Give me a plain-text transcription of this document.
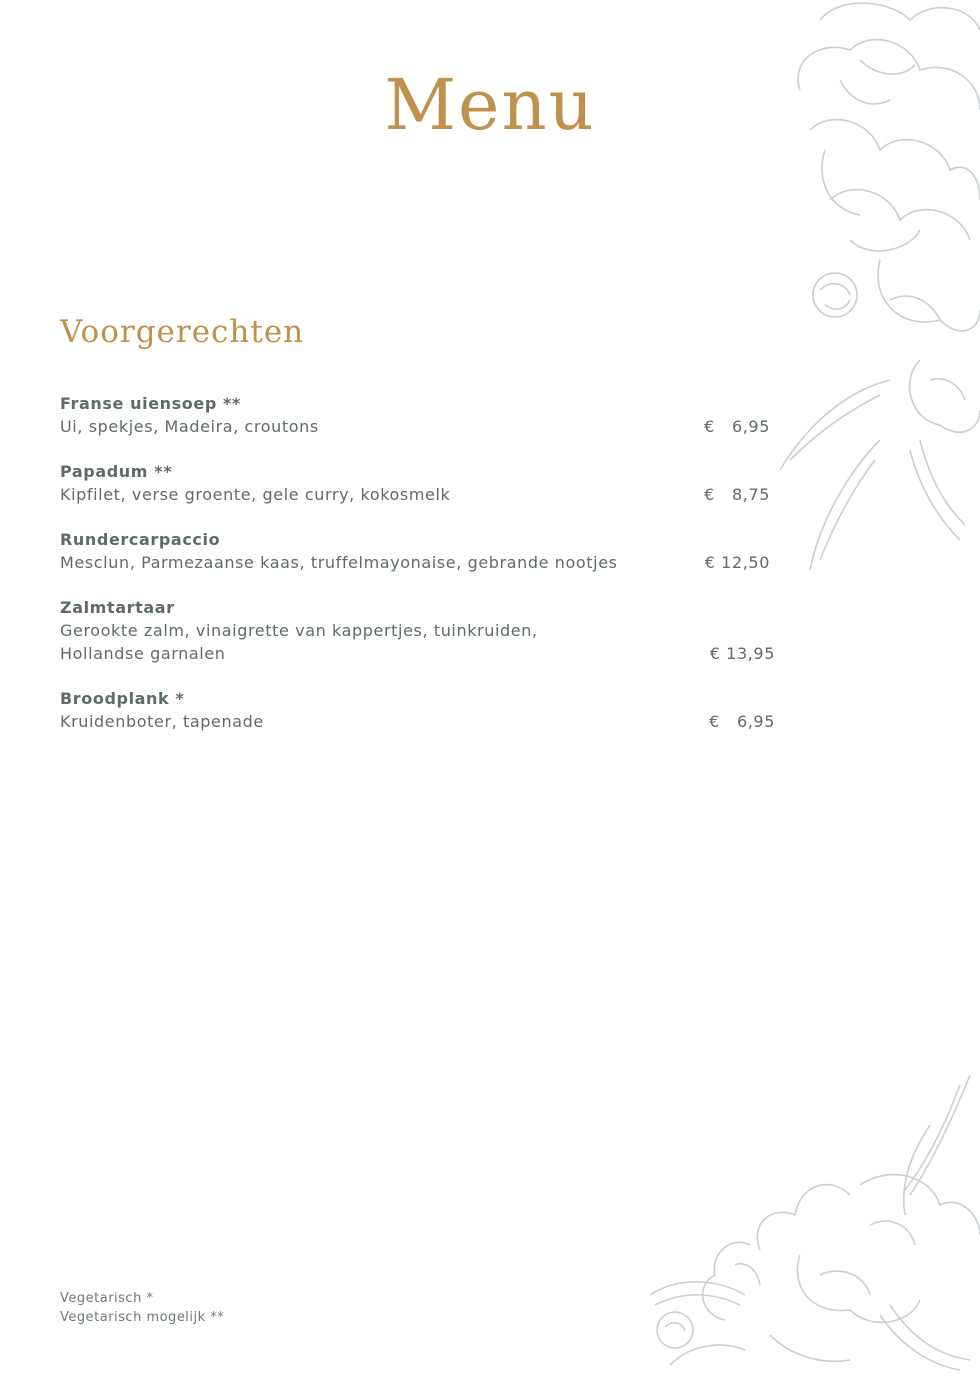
Menu
Voorgerechten
Franse uiensoep **
Ui, spekjes, Madeira, croutons	€   6,95
Papadum **
Kipfilet, verse groente, gele curry, kokosmelk	€   8,75
Rundercarpaccio
Mesclun, Parmezaanse kaas, truffelmayonaise, gebrande nootjes	€ 12,50
Zalmtartaar
Gerookte zalm, vinaigrette van kappertjes, tuinkruiden,
Hollandse garnalen	€ 13,95
Broodplank *
Kruidenboter, tapenade	€   6,95
Vegetarisch *
Vegetarisch mogelijk **
